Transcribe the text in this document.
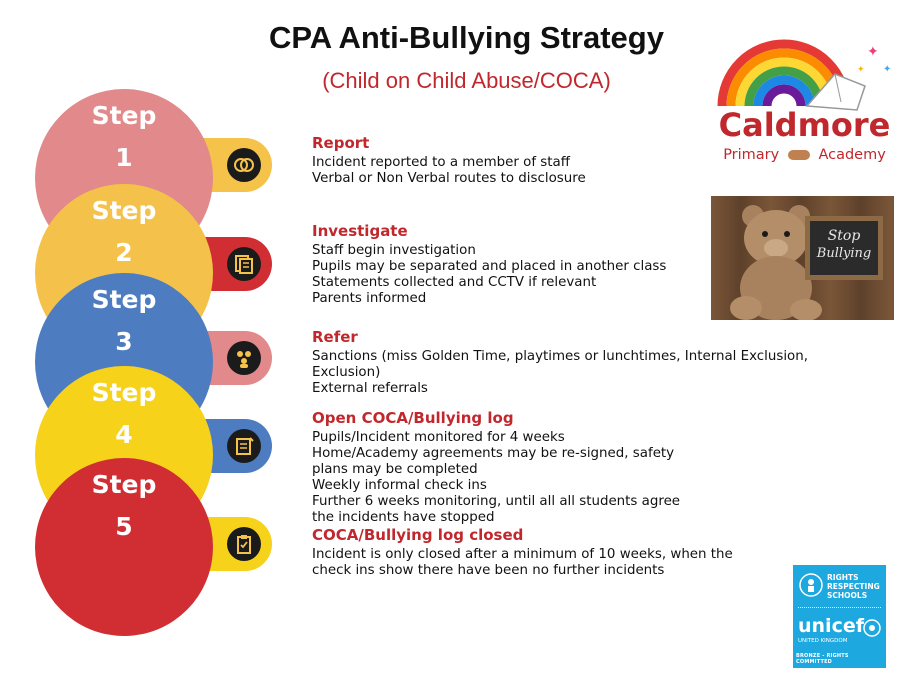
CPA Anti-Bullying Strategy
(Child on Child Abuse/COCA)
Step
1
Step
2
Step
3
Step
4
Step
5
Report
Incident reported to a member of staff
Verbal or Non Verbal routes to disclosure
Investigate
Staff begin investigation
Pupils may be separated and placed in another class
Statements collected and CCTV if relevant
Parents informed
Refer
Sanctions (miss Golden Time, playtimes or lunchtimes, Internal Exclusion,
Exclusion)
External referrals
Open COCA/Bullying log
Pupils/Incident monitored for 4 weeks
Home/Academy agreements may be re-signed, safety
plans may be completed
Weekly informal check ins
Further 6 weeks monitoring, until all all students agree
the incidents have stopped
COCA/Bullying log closed
Incident is only closed after a minimum of 10 weeks, when the
check ins show there have been no further incidents
✦
✦
✦
Caldmore
Primary	Academy
Stop
Bullying
RIGHTS
RESPECTING
SCHOOLS
unicef
UNITED KINGDOM
BRONZE - RIGHTS COMMITTED
